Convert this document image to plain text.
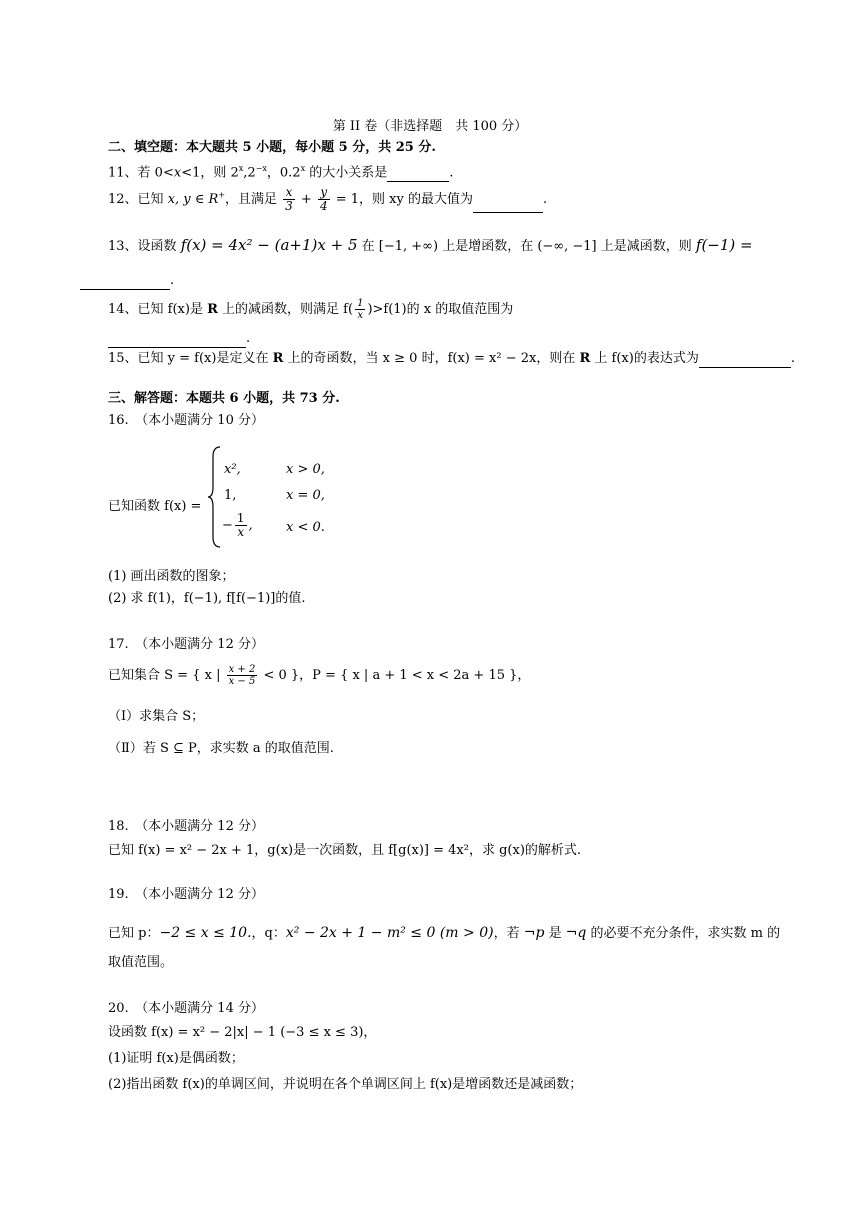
第 II 卷（非选择题　共 100 分）
二、填空题：本大题共 5 小题，每小题 5 分，共 25 分.
11、若 0<x<1，则 $2^x,2^{-x}$，0.2$^x$ 的大小关系是	.
12、已知 x, y ∈ R+，且满足 $\frac{x}{3} + \frac{y}{4} = 1$，则 xy 的最大值为	.
13、设函数 f(x) = 4x² − (a+1)x + 5 在 [−1, +∞) 上是增函数，在 (−∞, −1] 上是减函数，则 f(−1) =
.
14、已知 f(x)是 R 上的减函数，则满足 $f( \frac{1}{x} )>f(1)$的 x 的取值范围为
.
15、已知 y = f(x)是定义在 R 上的奇函数，当 x ≥ 0 时，f(x) = x² − 2x，则在 R 上 f(x)的表达式为	.
三、解答题：本题共 6 小题，共 73 分.
16.　（本小题满分 10 分）
已知函数 f(x) =
x²,	x > 0,
1,	x = 0,
− $\frac{1}{x}$ ,	x < 0.
(1) 画出函数的图象；
(2) 求 f(1)，f(−1), f[f(−1)]的值.
17.　（本小题满分 12 分）
已知集合 S = { x | $\frac{x + 2}{x - 5} < 0$ }，P = { x | a + 1 < x < 2a + 15 }，
（Ⅰ）求集合 S；
（Ⅱ）若 S ⊆ P，求实数 a 的取值范围.
18.　（本小题满分 12 分）
已知 f(x) = x² − 2x + 1，g(x)是一次函数，且 f[g(x)] = 4x²，求 g(x)的解析式.
19.　（本小题满分 12 分）
已知 p：−2 ≤ x ≤ 10.，q：x² − 2x + 1 − m² ≤ 0 (m > 0)，若 ¬p 是 ¬q 的必要不充分条件，求实数 m 的
取值范围。
20.　（本小题满分 14 分）
设函数 f(x) = x² − 2|x| − 1 (−3 ≤ x ≤ 3)，
(1)证明 f(x)是偶函数；
(2)指出函数 f(x)的单调区间，并说明在各个单调区间上 f(x)是增函数还是减函数；
